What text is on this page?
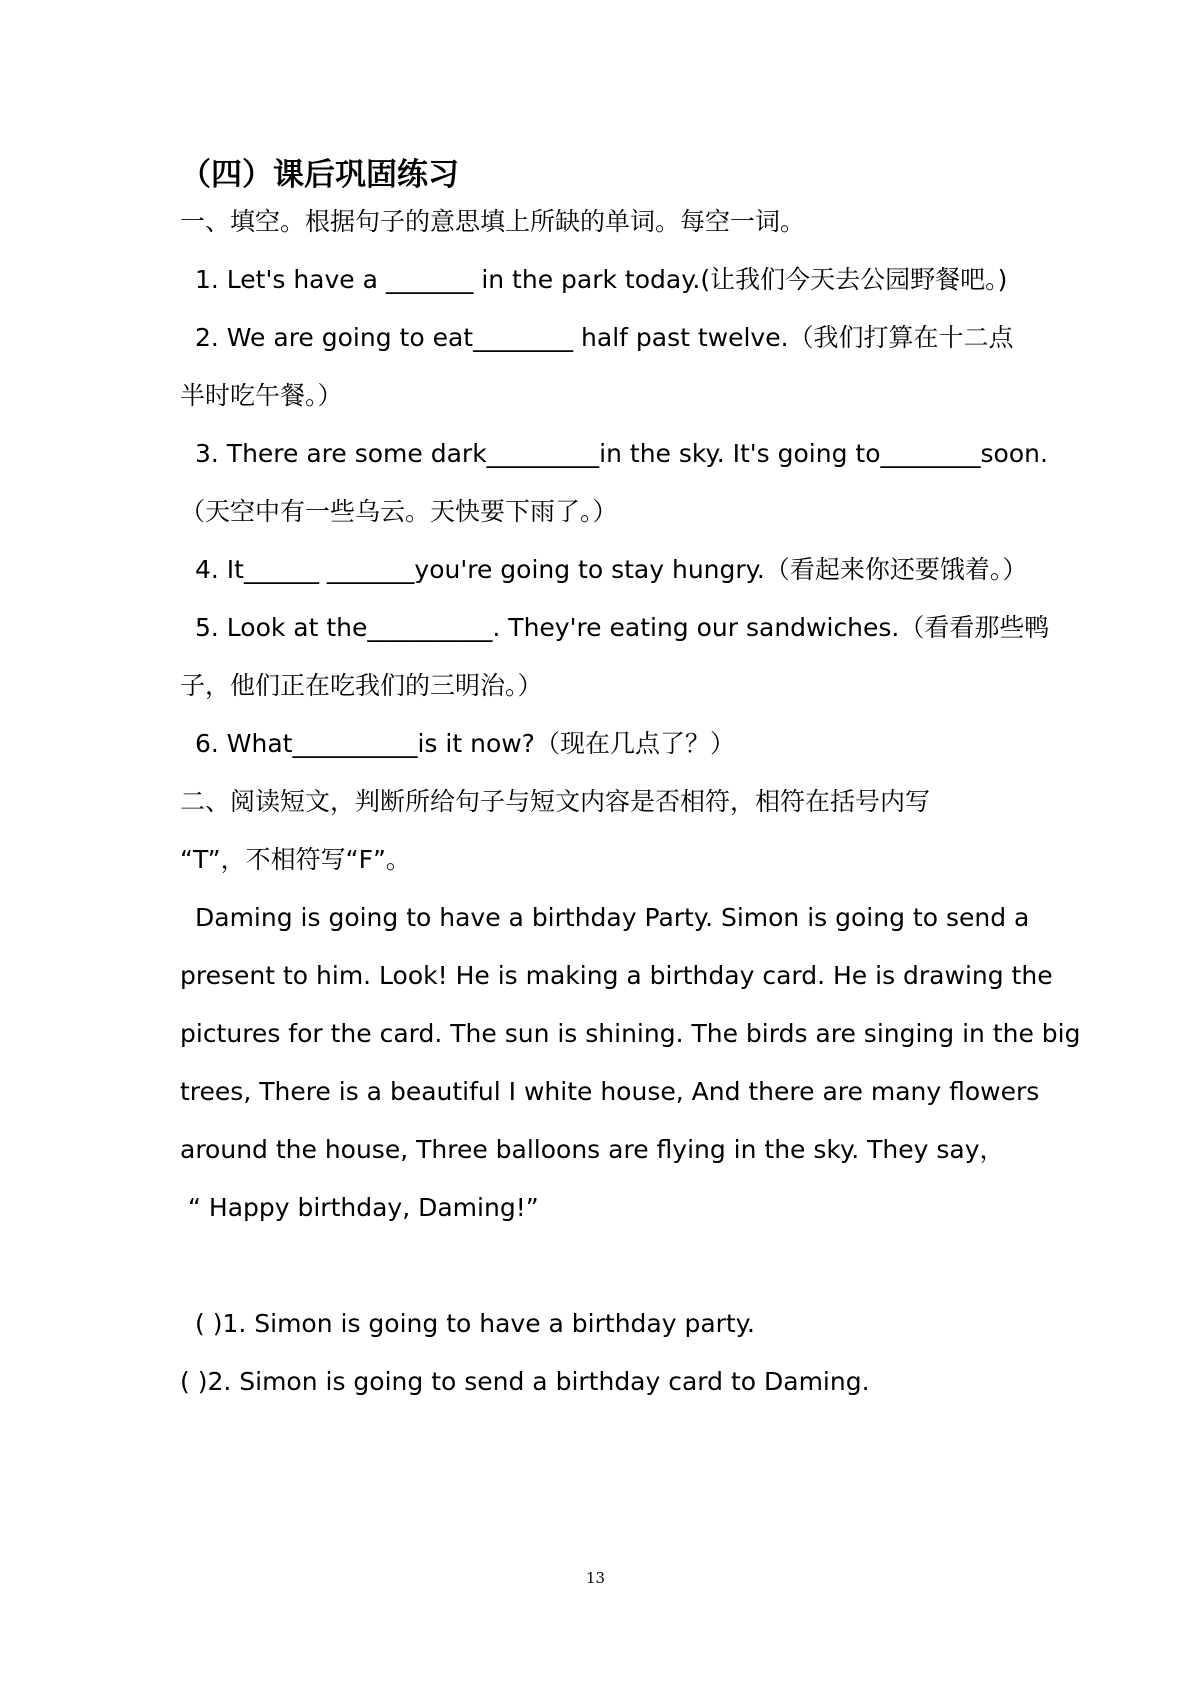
（四）课后巩固练习
一、填空。根据句子的意思填上所缺的单词。每空一词。
1. Let's have a _______ in the park today.(让我们今天去公园野餐吧。)
2. We are going to eat________ half past twelve.（我们打算在十二点
半时吃午餐。）
3. There are some dark_________in the sky. It's going to________soon.
（天空中有一些乌云。天快要下雨了。）
4. It______ _______you're going to stay hungry.（看起来你还要饿着。）
5. Look at the__________. They're eating our sandwiches.（看看那些鸭
子，他们正在吃我们的三明治。）
6. What__________is it now?（现在几点了？）
二、阅读短文，判断所给句子与短文内容是否相符，相符在括号内写
“T”，不相符写“F”。
Daming is going to have a birthday Party. Simon is going to send a
present to him. Look! He is making a birthday card. He is drawing the
pictures for the card. The sun is shining. The birds are singing in the big
trees, There is a beautiful I white house, And there are many flowers
around the house, Three balloons are flying in the sky. They say，
“ Happy birthday, Daming!”
( )1. Simon is going to have a birthday party.
( )2. Simon is going to send a birthday card to Daming.
13
